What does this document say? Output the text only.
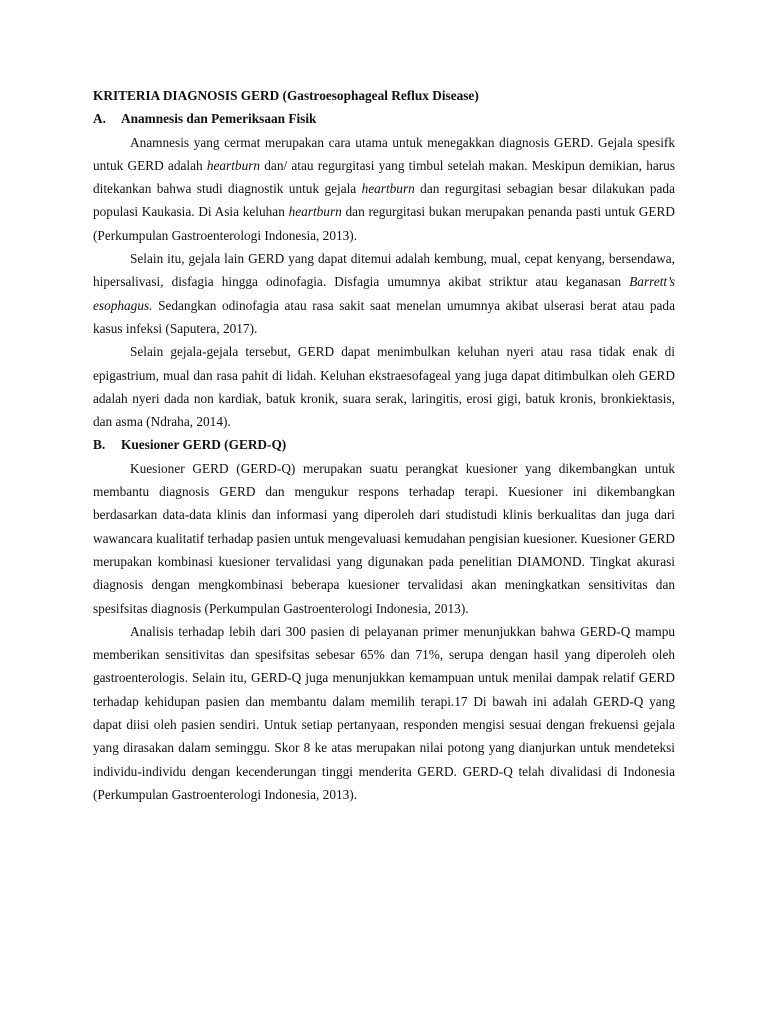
KRITERIA DIAGNOSIS GERD (Gastroesophageal Reflux Disease)

A.	Anamnesis dan Pemeriksaan Fisik

Anamnesis yang cermat merupakan cara utama untuk menegakkan diagnosis GERD. Gejala spesifk untuk GERD adalah heartburn dan/ atau regurgitasi yang timbul setelah makan. Meskipun demikian, harus ditekankan bahwa studi diagnostik untuk gejala heartburn dan regurgitasi sebagian besar dilakukan pada populasi Kaukasia. Di Asia keluhan heartburn dan regurgitasi bukan merupakan penanda pasti untuk GERD (Perkumpulan Gastroenterologi Indonesia, 2013).

Selain itu, gejala lain GERD yang dapat ditemui adalah kembung, mual, cepat kenyang, bersendawa, hipersalivasi, disfagia hingga odinofagia. Disfagia umumnya akibat striktur atau keganasan Barrett’s esophagus. Sedangkan odinofagia atau rasa sakit saat menelan umumnya akibat ulserasi berat atau pada kasus infeksi (Saputera, 2017).

Selain gejala-gejala tersebut, GERD dapat menimbulkan keluhan nyeri atau rasa tidak enak di epigastrium, mual dan rasa pahit di lidah. Keluhan ekstraesofageal yang juga dapat ditimbulkan oleh GERD adalah nyeri dada non kardiak, batuk kronik, suara serak, laringitis, erosi gigi, batuk kronis, bronkiektasis, dan asma (Ndraha, 2014).

B.	Kuesioner GERD (GERD-Q)

Kuesioner GERD (GERD-Q) merupakan suatu perangkat kuesioner yang dikembangkan untuk membantu diagnosis GERD dan mengukur respons terhadap terapi. Kuesioner ini dikembangkan berdasarkan data-data klinis dan informasi yang diperoleh dari studistudi klinis berkualitas dan juga dari wawancara kualitatif terhadap pasien untuk mengevaluasi kemudahan pengisian kuesioner. Kuesioner GERD merupakan kombinasi kuesioner tervalidasi yang digunakan pada penelitian DIAMOND. Tingkat akurasi diagnosis dengan mengkombinasi beberapa kuesioner tervalidasi akan meningkatkan sensitivitas dan spesifsitas diagnosis (Perkumpulan Gastroenterologi Indonesia, 2013).

Analisis terhadap lebih dari 300 pasien di pelayanan primer menunjukkan bahwa GERD-Q mampu memberikan sensitivitas dan spesifsitas sebesar 65% dan 71%, serupa dengan hasil yang diperoleh oleh gastroenterologis. Selain itu, GERD-Q juga menunjukkan kemampuan untuk menilai dampak relatif GERD terhadap kehidupan pasien dan membantu dalam memilih terapi.17 Di bawah ini adalah GERD-Q yang dapat diisi oleh pasien sendiri. Untuk setiap pertanyaan, responden mengisi sesuai dengan frekuensi gejala yang dirasakan dalam seminggu. Skor 8 ke atas merupakan nilai potong yang dianjurkan untuk mendeteksi individu-individu dengan kecenderungan tinggi menderita GERD. GERD-Q telah divalidasi di Indonesia (Perkumpulan Gastroenterologi Indonesia, 2013).
